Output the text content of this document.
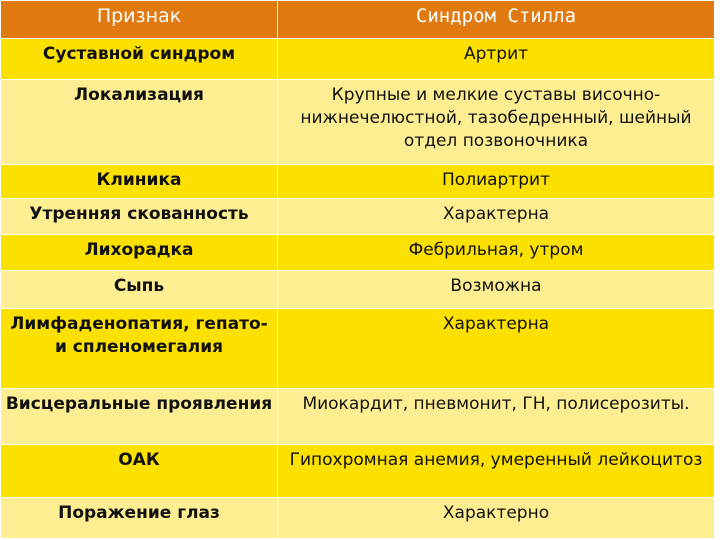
Признак	Синдром Стилла
Суставной синдром	Артрит
Локализация	Крупные и мелкие суставы височно-нижнечелюстной, тазобедренный, шейный отдел позвоночника
Клиника	Полиартрит
Утренняя скованность	Характерна
Лихорадка	Фебрильная, утром
Сыпь	Возможна
Лимфаденопатия, гепато- и спленомегалия	Характерна
Висцеральные проявления	Миокардит, пневмонит, ГН, полисерозиты.
ОАК	Гипохромная анемия, умеренный лейкоцитоз
Поражение глаз	Характерно
